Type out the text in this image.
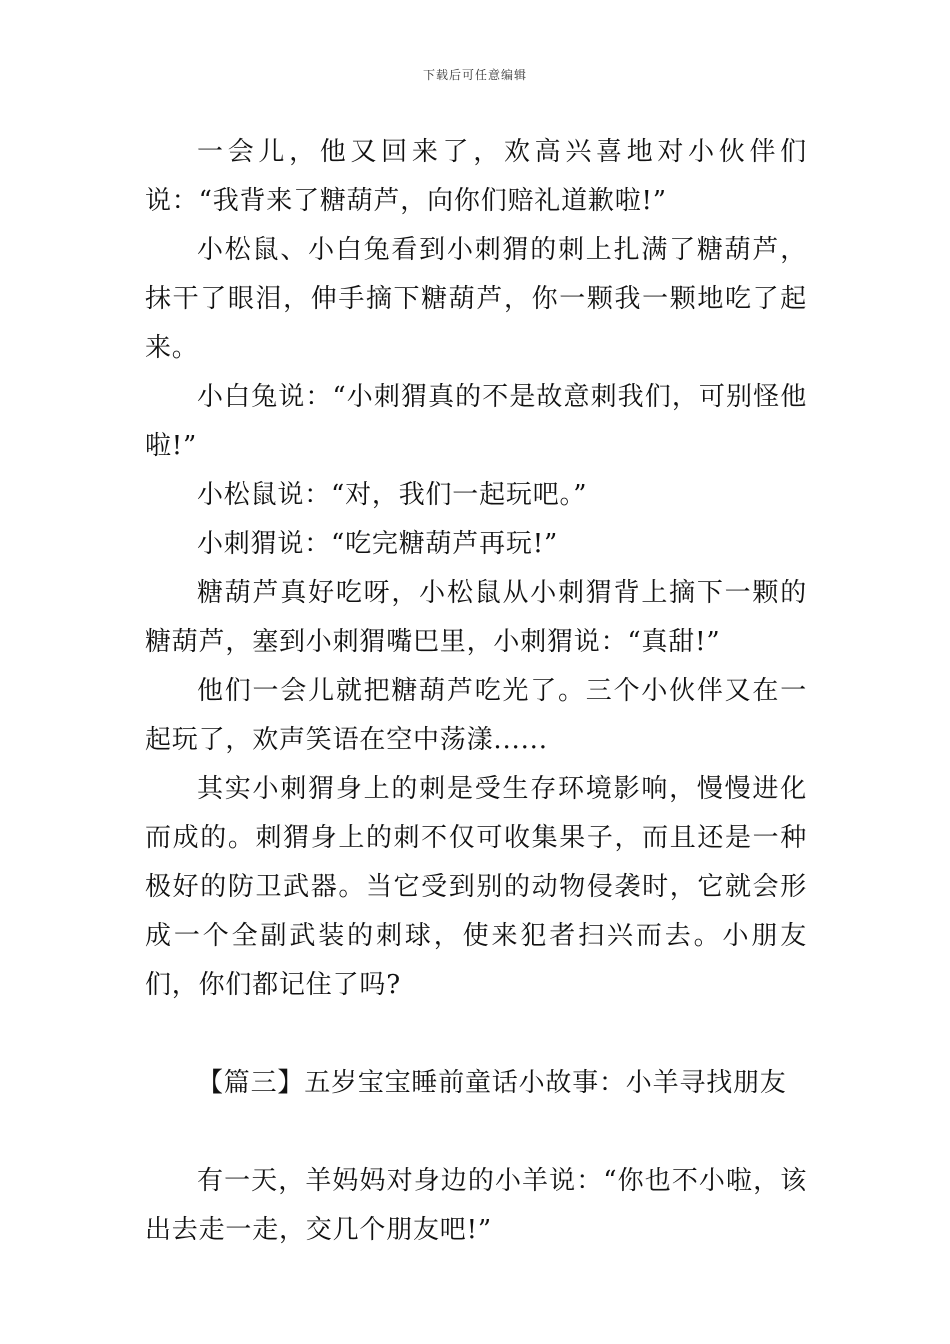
下载后可任意编辑

一会儿，他又回来了，欢高兴喜地对小伙伴们说：“我背来了糖葫芦，向你们赔礼道歉啦!”

小松鼠、小白兔看到小刺猬的刺上扎满了糖葫芦，抹干了眼泪，伸手摘下糖葫芦，你一颗我一颗地吃了起来。

小白兔说：“小刺猬真的不是故意刺我们，可别怪他啦!”

小松鼠说：“对，我们一起玩吧。”

小刺猬说：“吃完糖葫芦再玩!”

糖葫芦真好吃呀，小松鼠从小刺猬背上摘下一颗的糖葫芦，塞到小刺猬嘴巴里，小刺猬说：“真甜!”

他们一会儿就把糖葫芦吃光了。三个小伙伴又在一起玩了，欢声笑语在空中荡漾......

其实小刺猬身上的刺是受生存环境影响，慢慢进化而成的。刺猬身上的刺不仅可收集果子，而且还是一种极好的防卫武器。当它受到别的动物侵袭时，它就会形成一个全副武装的刺球，使来犯者扫兴而去。小朋友们，你们都记住了吗?

【篇三】五岁宝宝睡前童话小故事：小羊寻找朋友

有一天，羊妈妈对身边的小羊说：“你也不小啦，该出去走一走，交几个朋友吧!”
